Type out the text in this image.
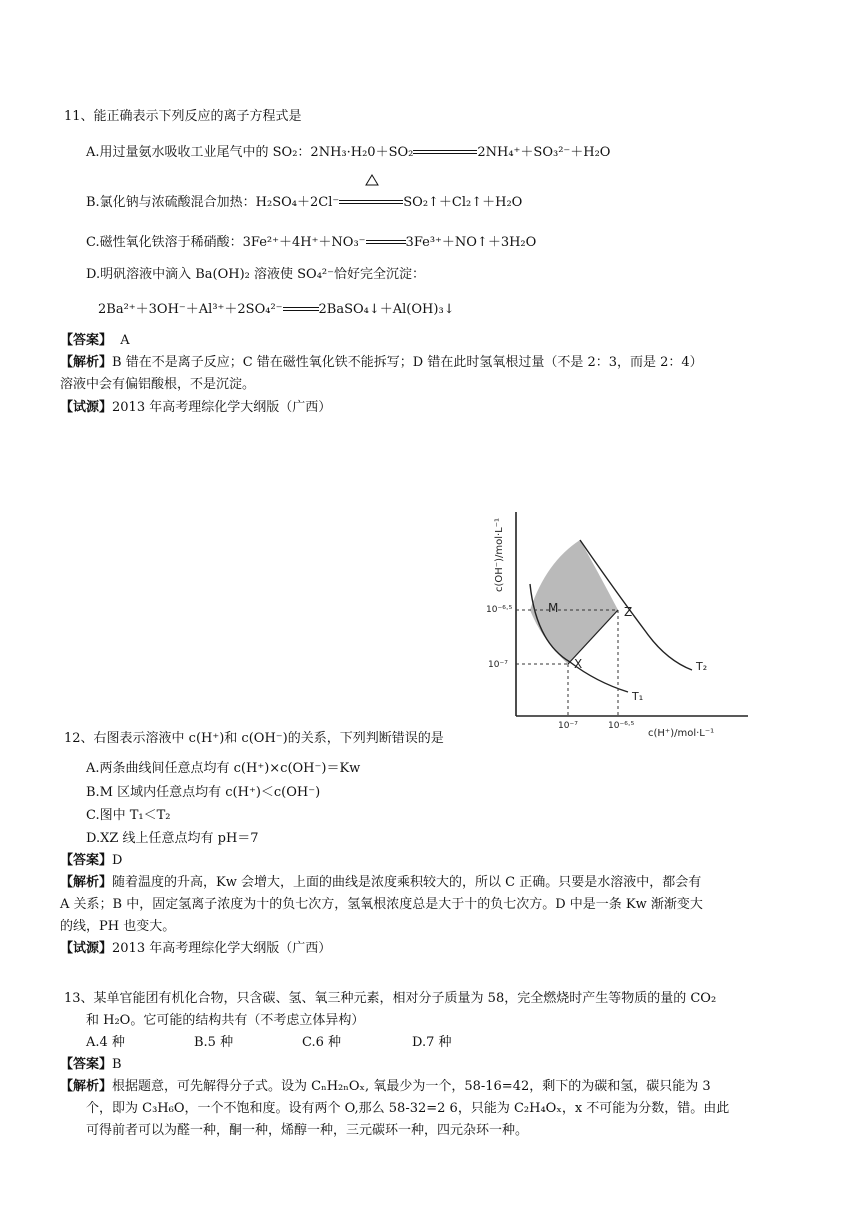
11、能正确表示下列反应的离子方程式是
A.用过量氨水吸收工业尾气中的 SO₂：2NH₃·H₂0＋SO₂	2NH₄⁺＋SO₃²⁻＋H₂O
B.氯化钠与浓硫酸混合加热：H₂SO₄＋2Cl⁻	SO₂↑＋Cl₂↑＋H₂O
C.磁性氧化铁溶于稀硝酸：3Fe²⁺＋4H⁺＋NO₃⁻	3Fe³⁺＋NO↑＋3H₂O
D.明矾溶液中滴入 Ba(OH)₂ 溶液使 SO₄²⁻恰好完全沉淀：
2Ba²⁺＋3OH⁻＋Al³⁺＋2SO₄²⁻	2BaSO₄↓＋Al(OH)₃↓
【答案】 A
【解析】B 错在不是离子反应；C 错在磁性氧化铁不能拆写；D 错在此时氢氧根过量（不是 2：3，而是 2：4）
溶液中会有偏铝酸根，不是沉淀。
【试源】2013 年高考理综化学大纲版（广西）
c(OH⁻)/mol·L⁻¹
c(H⁺)/mol·L⁻¹
10⁻⁶·⁵
10⁻⁷
10⁻⁷	10⁻⁶·⁵
M	Z
X
T₁
T₂
12、右图表示溶液中 c(H⁺)和 c(OH⁻)的关系，下列判断错误的是
A.两条曲线间任意点均有 c(H⁺)×c(OH⁻)＝Kw
B.M 区域内任意点均有 c(H⁺)＜c(OH⁻)
C.图中 T₁＜T₂
D.XZ 线上任意点均有 pH＝7
【答案】D
【解析】随着温度的升高，Kw 会增大，上面的曲线是浓度乘积较大的，所以 C 正确。只要是水溶液中，都会有
A 关系；B 中，固定氢离子浓度为十的负七次方，氢氧根浓度总是大于十的负七次方。D 中是一条 Kw 渐渐变大
的线，PH 也变大。
【试源】2013 年高考理综化学大纲版（广西）
13、某单官能团有机化合物，只含碳、氢、氧三种元素，相对分子质量为 58，完全燃烧时产生等物质的量的 CO₂
和 H₂O。它可能的结构共有（不考虑立体异构）
A.4 种	B.5 种	C.6 种	D.7 种
【答案】B
【解析】根据题意，可先解得分子式。设为 CₙH₂ₙOₓ, 氧最少为一个，58-16=42，剩下的为碳和氢，碳只能为 3
个，即为 C₃H₆O，一个不饱和度。设有两个 O,那么 58-32=2 6，只能为 C₂H₄Oₓ，x 不可能为分数，错。由此
可得前者可以为醛一种，酮一种，烯醇一种，三元碳环一种，四元杂环一种。
